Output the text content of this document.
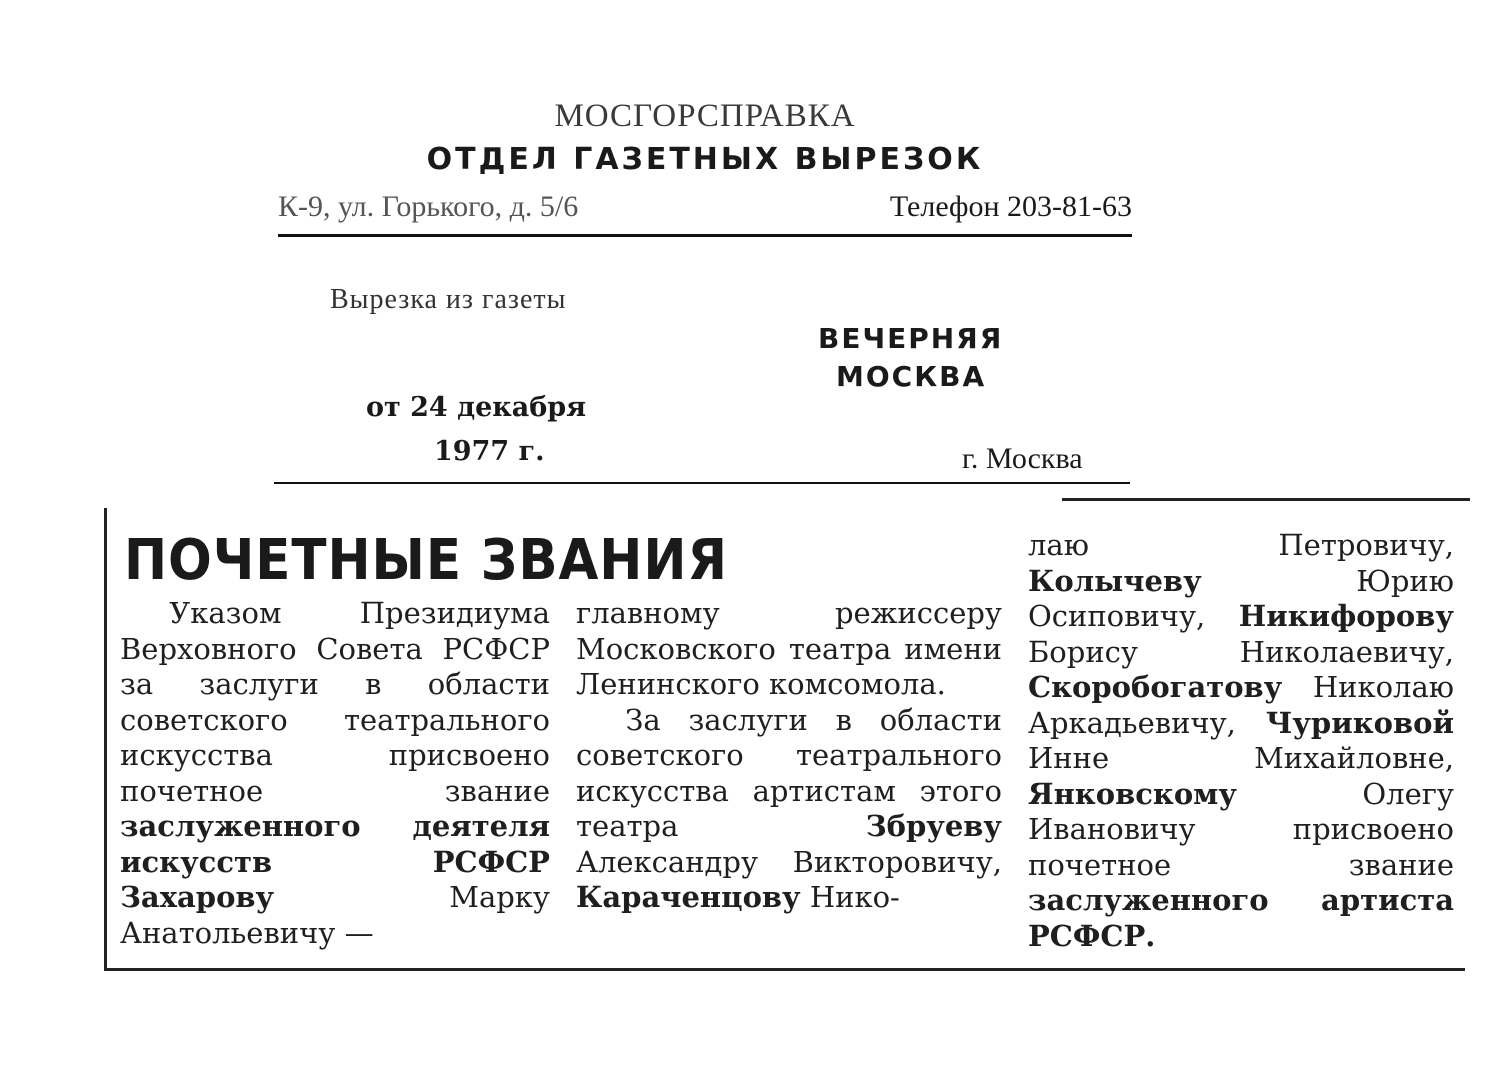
МОСГОРСПРАВКА
ОТДЕЛ ГАЗЕТНЫХ ВЫРЕЗОК
К-9, ул. Горького, д. 5/6	Телефон 203-81-63
Вырезка из газеты
ВЕЧЕРНЯЯ
МОСКВА
от 24 декабря
1977 г.	г. Москва
ПОЧЕТНЫЕ ЗВАНИЯ

Указом Президиума Верховного Совета РСФСР за заслуги в области советского театрального искусства присвоено почетное звание заслуженного деятеля искусств РСФСР Захарову Марку Анатольевичу —

главному режиссеру Московского театра имени Ленинского комсомола.

За заслуги в области советского театрального искусства артистам этого театра Збруеву Александру Викторовичу, Караченцову Нико-

лаю Петровичу, Колычеву Юрию Осиповичу, Никифорову Борису Николаевичу, Скоробогатову Николаю Аркадьевичу, Чуриковой Инне Михайловне, Янковскому Олегу Ивановичу присвоено почетное звание заслуженного артиста РСФСР.
